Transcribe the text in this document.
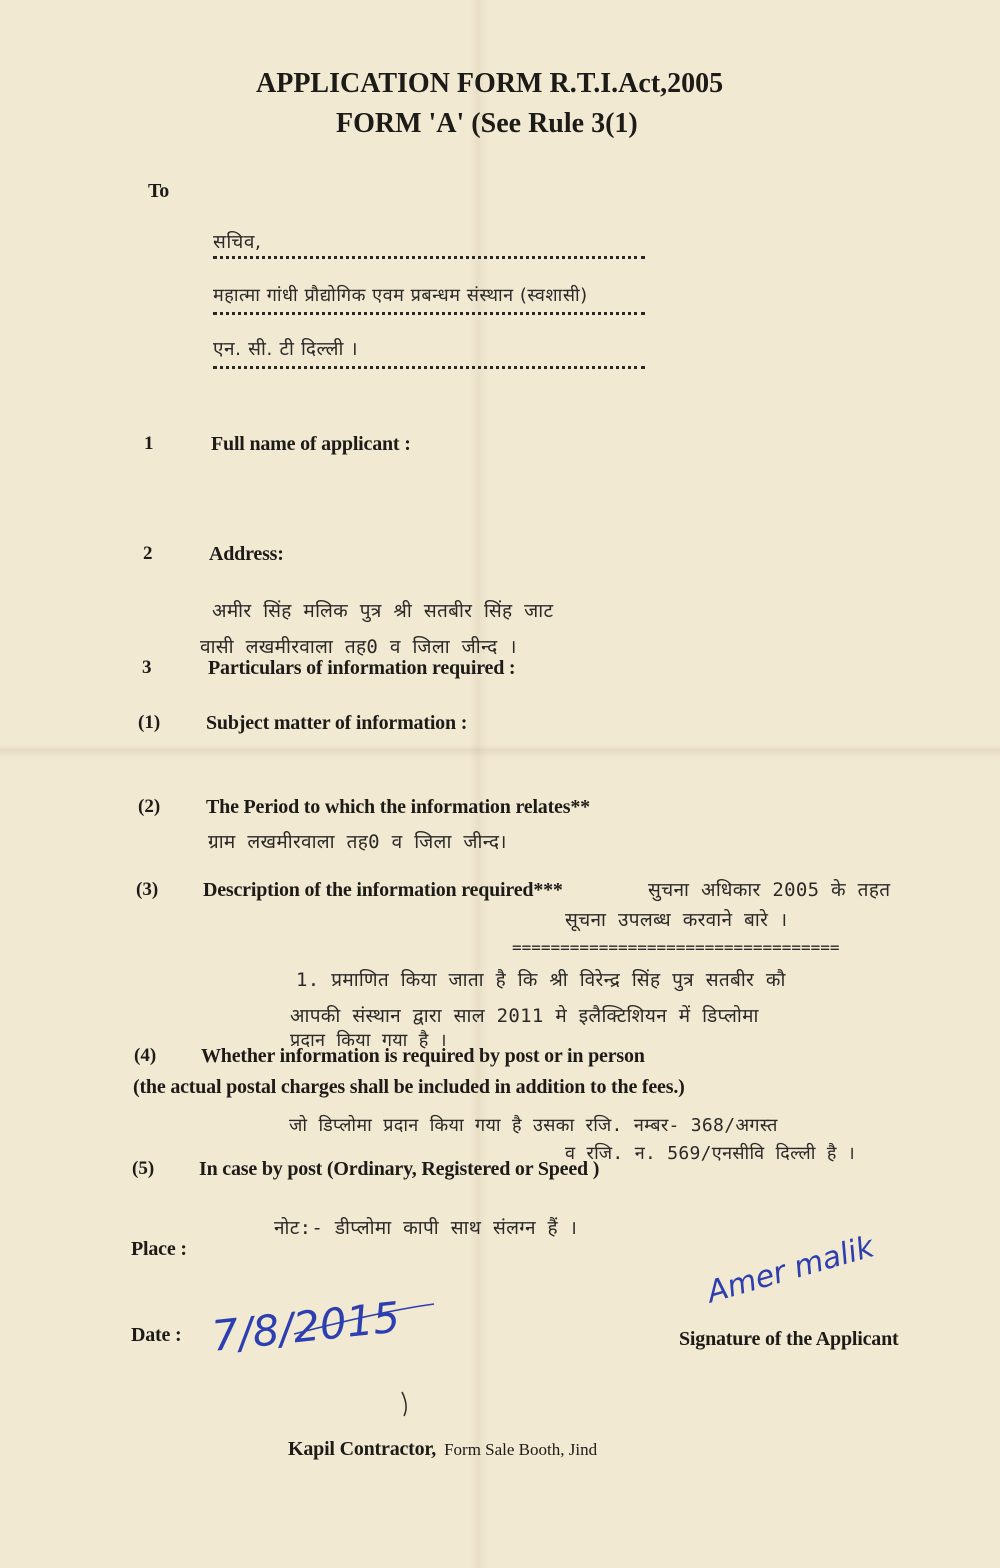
APPLICATION FORM R.T.I.Act,2005
FORM 'A' (See Rule 3(1)
To
सचिव,
महात्मा गांधी प्रौद्योगिक एवम प्रबन्धम संस्थान (स्वशासी)
एन. सी. टी दिल्ली ।
1	Full name of applicant :
2	Address:
अमीर सिंह मलिक पुत्र श्री सतबीर सिंह जाट
वासी लखमीरवाला तह0 व जिला जीन्द ।
3	Particulars of information required :
(1) Subject matter of information :
(2) The Period to which the information relates**
ग्राम लखमीरवाला तह0 व जिला जीन्द।
(3) Description of the information required***	सुचना अधिकार 2005 के तहत
सूचना उपलब्ध करवाने बारे ।
==================================
1. प्रमाणित किया जाता है कि श्री विरेन्द्र सिंह पुत्र सतबीर कौ
आपकी संस्थान द्वारा साल 2011 मे इलैक्टिशियन में डिप्लोमा
प्रदान किया गया है ।
(4) Whether information is required by post or in person
(the actual postal charges shall be included in addition to the fees.)
जो डिप्लोमा प्रदान किया गया है उसका रजि. नम्बर- 368/अगस्त
व रजि. न. 569/एनसीवि दिल्ली है ।
(5) In case by post (Ordinary, Registered or Speed )
नोट:- डीप्लोमा कापी साथ संलग्न हैं ।
Place :
Date : 7/8/2015
Amer malik
Signature of the Applicant
Kapil Contractor, Form Sale Booth, Jind
